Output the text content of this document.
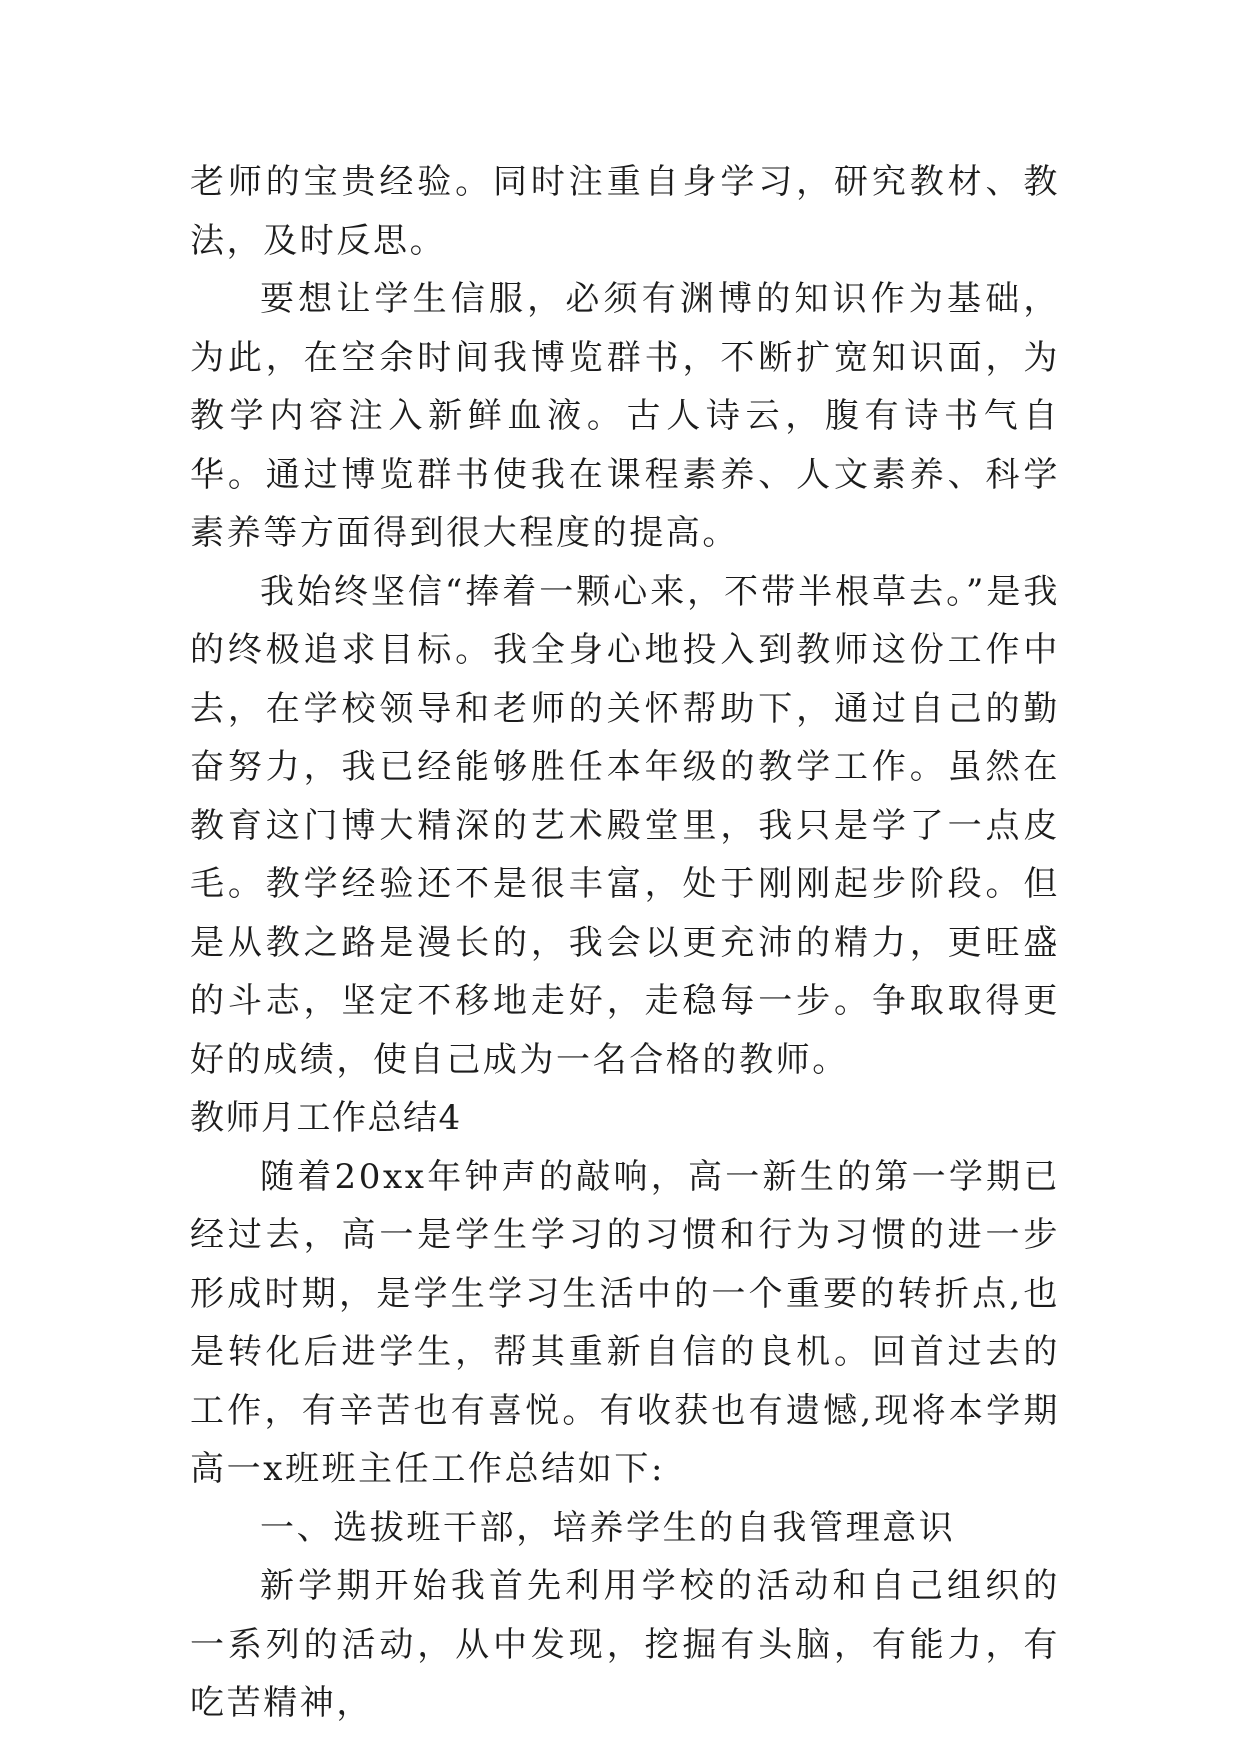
老师的宝贵经验。同时注重自身学习，研究教材、教法，及时反思。

要想让学生信服，必须有渊博的知识作为基础，为此，在空余时间我博览群书，不断扩宽知识面，为教学内容注入新鲜血液。古人诗云，腹有诗书气自华。通过博览群书使我在课程素养、人文素养、科学素养等方面得到很大程度的提高。

我始终坚信“捧着一颗心来，不带半根草去。”是我的终极追求目标。我全身心地投入到教师这份工作中去，在学校领导和老师的关怀帮助下，通过自己的勤奋努力，我已经能够胜任本年级的教学工作。虽然在教育这门博大精深的艺术殿堂里，我只是学了一点皮毛。教学经验还不是很丰富，处于刚刚起步阶段。但是从教之路是漫长的，我会以更充沛的精力，更旺盛的斗志，坚定不移地走好，走稳每一步。争取取得更好的成绩，使自己成为一名合格的教师。

教师月工作总结4

随着20xx年钟声的敲响，高一新生的第一学期已经过去，高一是学生学习的习惯和行为习惯的进一步形成时期，是学生学习生活中的一个重要的转折点,也是转化后进学生，帮其重新自信的良机。回首过去的工作，有辛苦也有喜悦。有收获也有遗憾,现将本学期高一x班班主任工作总结如下:

一、选拔班干部，培养学生的自我管理意识

新学期开始我首先利用学校的活动和自己组织的一系列的活动，从中发现，挖掘有头脑，有能力，有吃苦精神，
